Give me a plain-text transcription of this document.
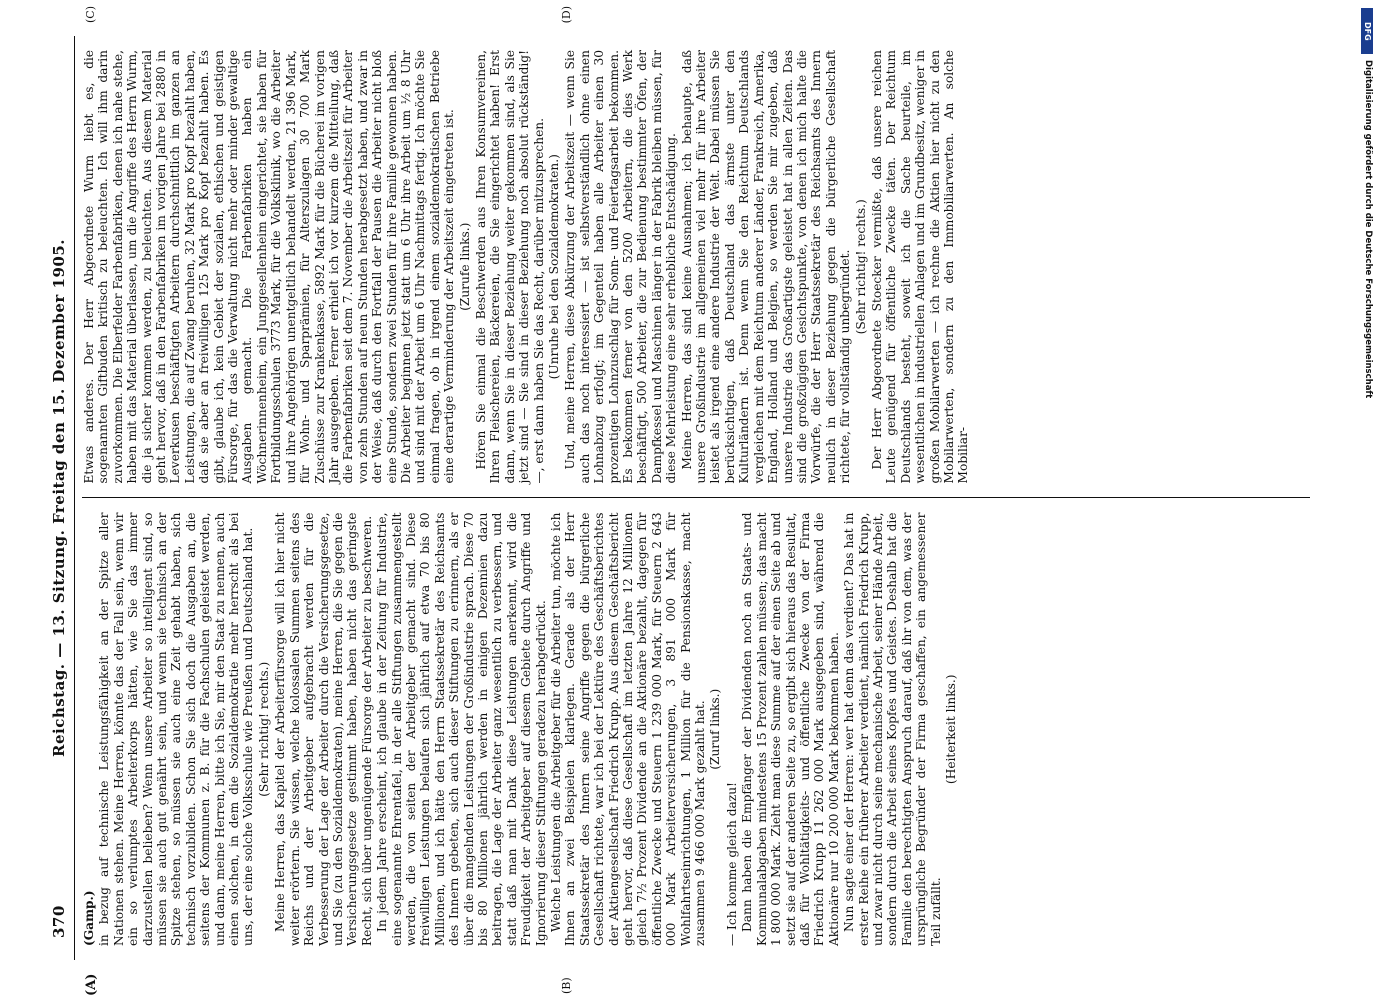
370
Reichstag. — 13. Sitzung. Freitag den 15. Dezember 1905.
(A)	(B)
(C)	(D)

(Gamp.) in bezug auf technische Leistungsfähigkeit an der Spitze aller Nationen stehen. Meine Herren, könnte das der Fall sein, wenn wir ein so verlumptes Arbeiterkorps hätten, wie Sie das immer darzustellen belieben? Wenn unsere Arbeiter so intelligent sind, so müssen sie auch gut genährt sein, und wenn sie technisch an der Spitze stehen, so müssen sie auch eine Zeit gehabt haben, sich technisch vorzubilden. Schon Sie sich doch die Ausgaben an, die seitens der Kommunen z. B. für die Fachschulen geleistet werden, und dann, meine Herren, bitte ich Sie, mir den Staat zu nennen, auch einen solchen, in dem die Sozialdemokratie mehr herrscht als bei uns, der eine solche Volksschule wie Preußen und Deutschland hat. (Sehr richtig! rechts.) Meine Herren, das Kapitel der Arbeiterfürsorge will ich hier nicht weiter erörtern. Sie wissen, welche kolossalen Summen seitens des Reichs und der Arbeitgeber aufgebracht werden für die Verbesserung der Lage der Arbeiter durch die Versicherungsgesetze, und Sie (zu den Sozialdemokraten), meine Herren, die Sie gegen die Versicherungsgesetze gestimmt haben, haben nicht das geringste Recht, sich über ungenügende Fürsorge der Arbeiter zu beschweren. In jedem Jahre erscheint, ich glaube in der Zeitung für Industrie, eine sogenannte Ehrentafel, in der alle Stiftungen zusammengestellt werden, die von seiten der Arbeitgeber gemacht sind. Diese freiwilligen Leistungen belaufen sich jährlich auf etwa 70 bis 80 Millionen, und ich hätte den Herrn Staatssekretär des Reichsamts des Innern gebeten, sich auch dieser Stiftungen zu erinnern, als er über die mangelnden Leistungen der Großindustrie sprach. Diese 70 bis 80 Millionen jährlich werden in einigen Dezennien dazu beitragen, die Lage der Arbeiter ganz wesentlich zu verbessern, und statt daß man mit Dank diese Leistungen anerkennt, wird die Freudigkeit der Arbeitgeber auf diesem Gebiete durch Angriffe und Ignorierung dieser Stiftungen geradezu herabgedrückt. Welche Leistungen die Arbeitgeber für die Arbeiter tun, möchte ich Ihnen an zwei Beispielen klarlegen. Gerade als der Herr Staatssekretär des Innern seine Angriffe gegen die bürgerliche Gesellschaft richtete, war ich bei der Lektüre des Geschäftsberichtes der Aktiengesellschaft Friedrich Krupp. Aus diesem Geschäftsbericht geht hervor, daß diese Gesellschaft im letzten Jahre 12 Millionen gleich 7½ Prozent Dividende an die Aktionäre bezahlt, dagegen für öffentliche Zwecke und Steuern 1 239 000 Mark, für Steuern 2 643 000 Mark Arbeiterversicherungen, 3 891 000 Mark für Wohlfahrtseinrichtungen, 1 Million für die Pensionskasse, macht zusammen 9 466 000 Mark gezahlt hat. (Zuruf links.)

— Ich komme gleich dazu! Dann haben die Empfänger der Dividenden noch an Staats- und Kommunalabgaben mindestens 15 Prozent zahlen müssen; das macht 1 800 000 Mark. Zieht man diese Summe auf der einen Seite ab und setzt sie auf der anderen Seite zu, so ergibt sich hieraus das Resultat, daß für Wohltätigkeits- und öffentliche Zwecke von der Firma Friedrich Krupp 11 262 000 Mark ausgegeben sind, während die Aktionäre nur 10 200 000 Mark bekommen haben. Nun sagte einer der Herren: wer hat denn das verdient? Das hat in erster Reihe ein früherer Arbeiter verdient, nämlich Friedrich Krupp, und zwar nicht durch seine mechanische Arbeit, seiner Hände Arbeit, sondern durch die Arbeit seines Kopfes und Geistes. Deshalb hat die Familie den berechtigten Anspruch darauf, daß ihr von dem, was der ursprüngliche Begründer der Firma geschaffen, ein angemessener Teil zufällt.

(Heiterkeit links.)

Etwas anderes. Der Herr Abgeordnete Wurm liebt es, die sogenannten Giftbuden kritisch zu beleuchten. Ich will ihm darin zuvorkommen. Die Elberfelder Farbenfabriken, denen ich nahe stehe, haben mit das Material überlassen, um die Angriffe des Herrn Wurm, die ja sicher kommen werden, zu beleuchten. Aus diesem Material geht hervor, daß in den Farbenfabriken im vorigen Jahre bei 2880 in Leverkusen beschäftigten Arbeitern durchschnittlich im ganzen an Leistungen, die auf Zwang beruhen, 32 Mark pro Kopf bezahlt haben, daß sie aber an freiwilligen 125 Mark pro Kopf bezahlt haben. Es gibt, glaube ich, kein Gebiet der sozialen, ethischen und geistigen Fürsorge, für das die Verwaltung nicht mehr oder minder gewaltige Ausgaben gemacht. Die Farbenfabriken haben ein Wöchnerinnenheim, ein Junggesellenheim eingerichtet, sie haben für Fortbildungsschulen 3773 Mark, für die Volksklinik, wo die Arbeiter und ihre Angehörigen unentgeltlich behandelt werden, 21 396 Mark, für Wohn- und Sparprämien, für Alterszulagen 30 700 Mark Zuschüsse zur Krankenkasse, 5892 Mark für die Bücherei im vorigen Jahr ausgegeben. Ferner erhielt ich vor kurzem die Mitteilung, daß die Farbenfabriken seit dem 7. November die Arbeitszeit für Arbeiter von zehn Stunden auf neun Stunden herabgesetzt haben, und zwar in der Weise, daß durch den Fortfall der Pausen die Arbeiter nicht bloß eine Stunde, sondern zwei Stunden für ihre Familie gewonnen haben. Die Arbeiter beginnen jetzt statt um 6 Uhr ihre Arbeit um ½ 8 Uhr und sind mit der Arbeit um 6 Uhr Nachmittags fertig. Ich möchte Sie einmal fragen, ob in irgend einem sozialdemokratischen Betriebe eine derartige Verminderung der Arbeitszeit eingetreten ist. (Zurufe links.) Hören Sie einmal die Beschwerden aus Ihren Konsumvereinen, Ihren Fleischereien, Bäckereien, die Sie eingerichtet haben! Erst dann, wenn Sie in dieser Beziehung weiter gekommen sind, als Sie jetzt sind — Sie sind in dieser Beziehung noch absolut rückständig! —, erst dann haben Sie das Recht, darüber mitzusprechen. (Unruhe bei den Sozialdemokraten.) Und, meine Herren, diese Abkürzung der Arbeitszeit — wenn Sie auch das noch interessiert — ist selbstverständlich ohne einen Lohnabzug erfolgt; im Gegenteil haben alle Arbeiter einen 30 prozentigen Lohnzuschlag für Sonn- und Feiertagsarbeit bekommen. Es bekommen ferner von den 5200 Arbeitern, die dies Werk beschäftigt, 500 Arbeiter, die zur Bedienung bestimmter Öfen, der Dampfkessel und Maschinen länger in der Fabrik bleiben müssen, für diese Mehrleistung eine sehr erhebliche Entschädigung. Meine Herren, das sind keine Ausnahmen; ich behaupte, daß unsere Großindustrie im allgemeinen viel mehr für ihre Arbeiter leistet als irgend eine andere Industrie der Welt. Dabei müssen Sie berücksichtigen, daß Deutschland das ärmste unter den Kulturländern ist. Denn wenn Sie den Reichtum Deutschlands vergleichen mit dem Reichtum anderer Länder, Frankreich, Amerika, England, Holland und Belgien, so werden Sie mir zugeben, daß unsere Industrie das Großartigste geleistet hat in allen Zeiten. Das sind die großzügigen Gesichtspunkte, von denen ich mich halte die Vorwürfe, die der Herr Staatssekretär des Reichsamts des Innern neulich in dieser Beziehung gegen die bürgerliche Gesellschaft richtete, für vollständig unbegründet. (Sehr richtig! rechts.) Der Herr Abgeordnete Stoecker vermißte, daß unsere reichen Leute genügend für öffentliche Zwecke täten. Der Reichtum Deutschlands besteht, soweit ich die Sache beurteile, im wesentlichen in industriellen Anlagen und im Grundbesitz, weniger in großen Mobilarwerten — ich rechne die Aktien hier nicht zu den Mobilarwerten, sondern zu den Immobiliarwerten. An solche Mobiliar-

DFG
Digitalisierung gefördert durch die Deutsche Forschungsgemeinschaft
